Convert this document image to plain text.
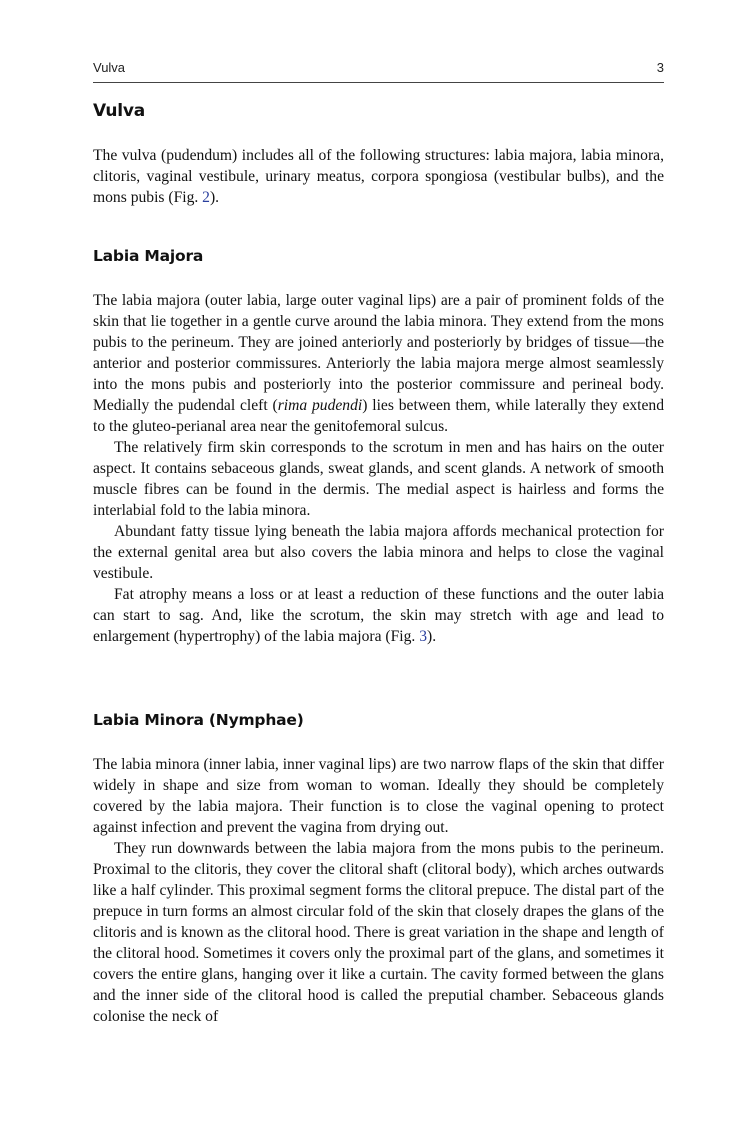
Vulva	3
Vulva

The vulva (pudendum) includes all of the following structures: labia majora, labia minora, clitoris, vaginal vestibule, urinary meatus, corpora spongiosa (vestibular bulbs), and the mons pubis (Fig. 2).

Labia Majora

The labia majora (outer labia, large outer vaginal lips) are a pair of prominent folds of the skin that lie together in a gentle curve around the labia minora. They extend from the mons pubis to the perineum. They are joined anteriorly and posteriorly by bridges of tissue—the anterior and posterior commissures. Anteriorly the labia majora merge almost seamlessly into the mons pubis and posteriorly into the posterior commissure and perineal body. Medially the pudendal cleft (rima pudendi) lies between them, while laterally they extend to the gluteo-perianal area near the genitofemoral sulcus.

The relatively firm skin corresponds to the scrotum in men and has hairs on the outer aspect. It contains sebaceous glands, sweat glands, and scent glands. A network of smooth muscle fibres can be found in the dermis. The medial aspect is hairless and forms the interlabial fold to the labia minora.

Abundant fatty tissue lying beneath the labia majora affords mechanical protection for the external genital area but also covers the labia minora and helps to close the vaginal vestibule.

Fat atrophy means a loss or at least a reduction of these functions and the outer labia can start to sag. And, like the scrotum, the skin may stretch with age and lead to enlargement (hypertrophy) of the labia majora (Fig. 3).

Labia Minora (Nymphae)

The labia minora (inner labia, inner vaginal lips) are two narrow flaps of the skin that differ widely in shape and size from woman to woman. Ideally they should be completely covered by the labia majora. Their function is to close the vaginal opening to protect against infection and prevent the vagina from drying out.

They run downwards between the labia majora from the mons pubis to the perineum. Proximal to the clitoris, they cover the clitoral shaft (clitoral body), which arches outwards like a half cylinder. This proximal segment forms the clitoral prepuce. The distal part of the prepuce in turn forms an almost circular fold of the skin that closely drapes the glans of the clitoris and is known as the clitoral hood. There is great variation in the shape and length of the clitoral hood. Sometimes it covers only the proximal part of the glans, and sometimes it covers the entire glans, hanging over it like a curtain. The cavity formed between the glans and the inner side of the clitoral hood is called the preputial chamber. Sebaceous glands colonise the neck of
